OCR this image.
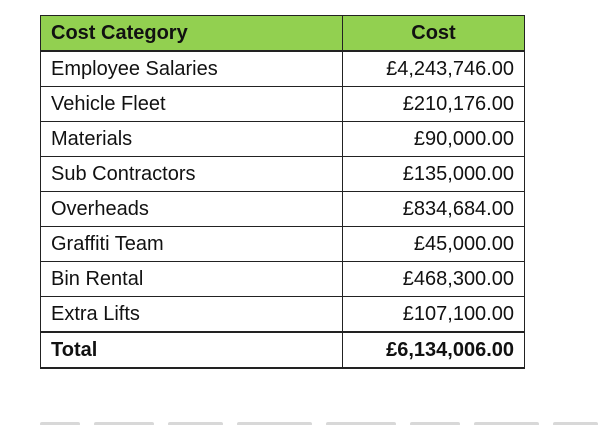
Cost Category	Cost
Employee Salaries	£4,243,746.00
Vehicle Fleet	£210,176.00
Materials	£90,000.00
Sub Contractors	£135,000.00
Overheads	£834,684.00
Graffiti Team	£45,000.00
Bin Rental	£468,300.00
Extra Lifts	£107,100.00
Total	£6,134,006.00
